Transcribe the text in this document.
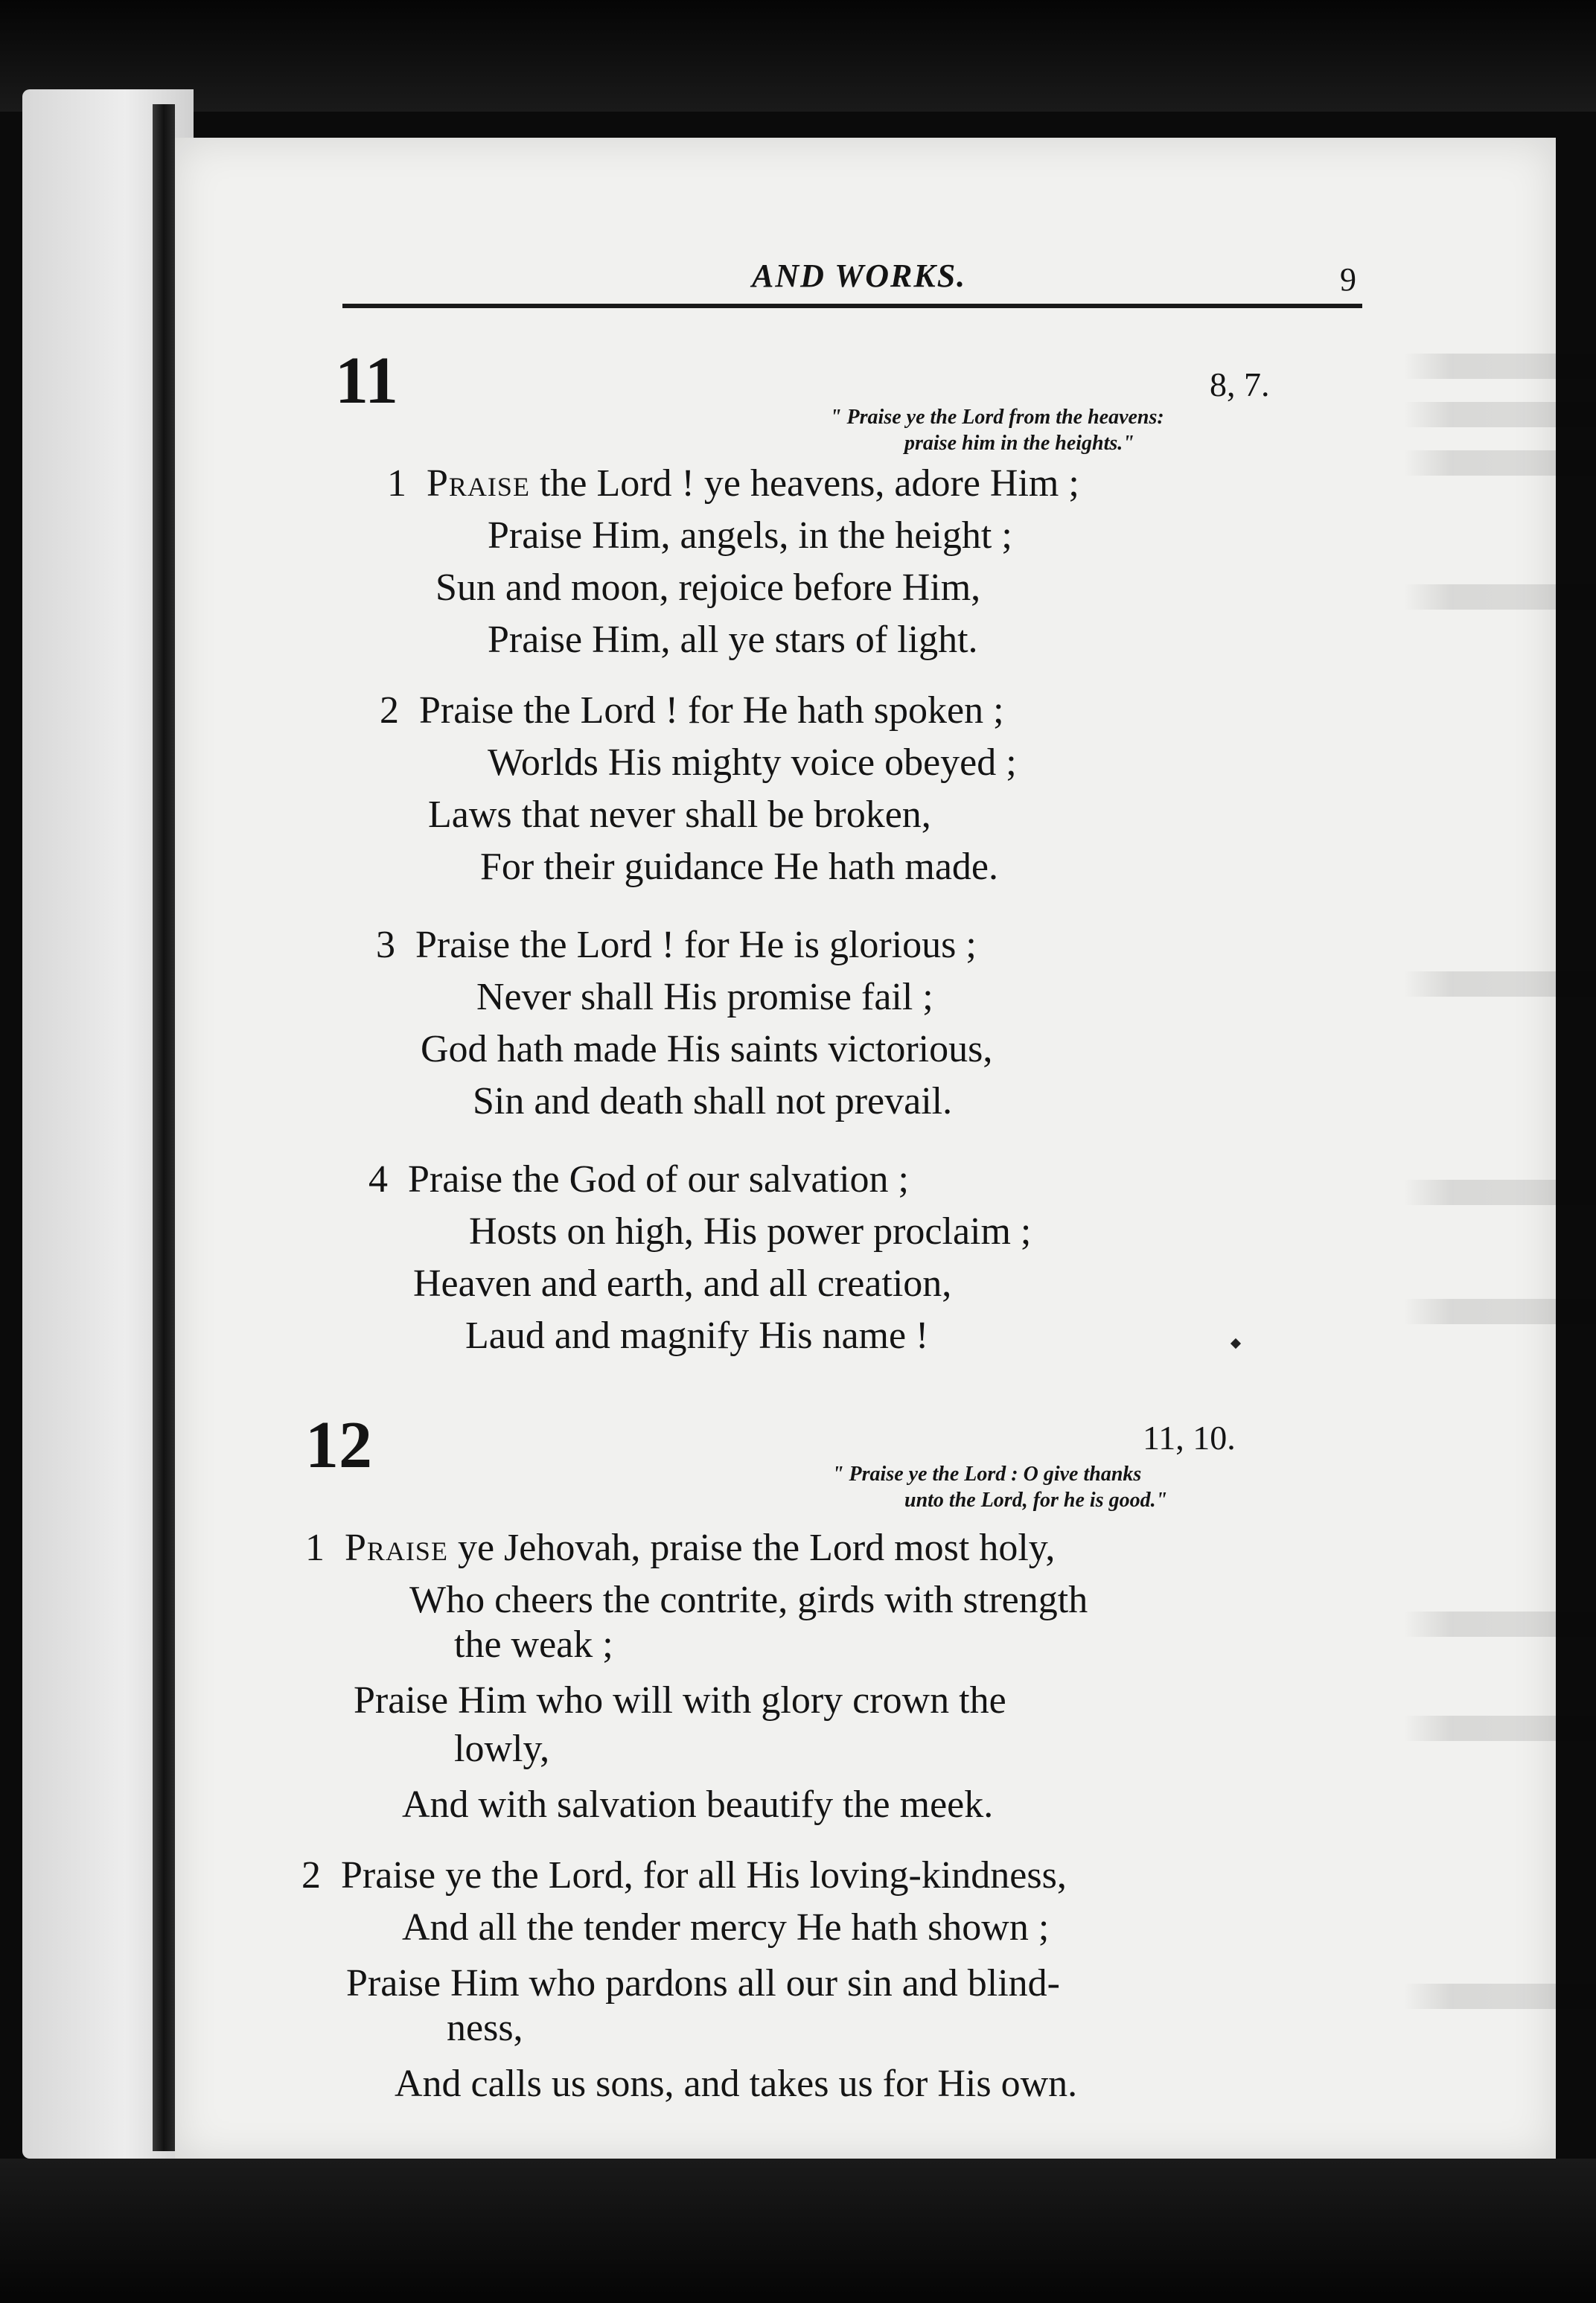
AND WORKS.	9
11	8, 7.
" Praise ye the Lord from the heavens:
praise him in the heights."
1 Praise the Lord ! ye heavens, adore Him ;
Praise Him, angels, in the height ;
Sun and moon, rejoice before Him,
Praise Him, all ye stars of light.
2 Praise the Lord ! for He hath spoken ;
Worlds His mighty voice obeyed ;
Laws that never shall be broken,
For their guidance He hath made.
3 Praise the Lord ! for He is glorious ;
Never shall His promise fail ;
God hath made His saints victorious,
Sin and death shall not prevail.
4 Praise the God of our salvation ;
Hosts on high, His power proclaim ;
Heaven and earth, and all creation,
Laud and magnify His name !
12	11, 10.
" Praise ye the Lord : O give thanks
unto the Lord, for he is good."
1 Praise ye Jehovah, praise the Lord most holy,
Who cheers the contrite, girds with strength
the weak ;
Praise Him who will with glory crown the
lowly,
And with salvation beautify the meek.
2 Praise ye the Lord, for all His loving-kindness,
And all the tender mercy He hath shown ;
Praise Him who pardons all our sin and blind-
ness,
And calls us sons, and takes us for His own.
